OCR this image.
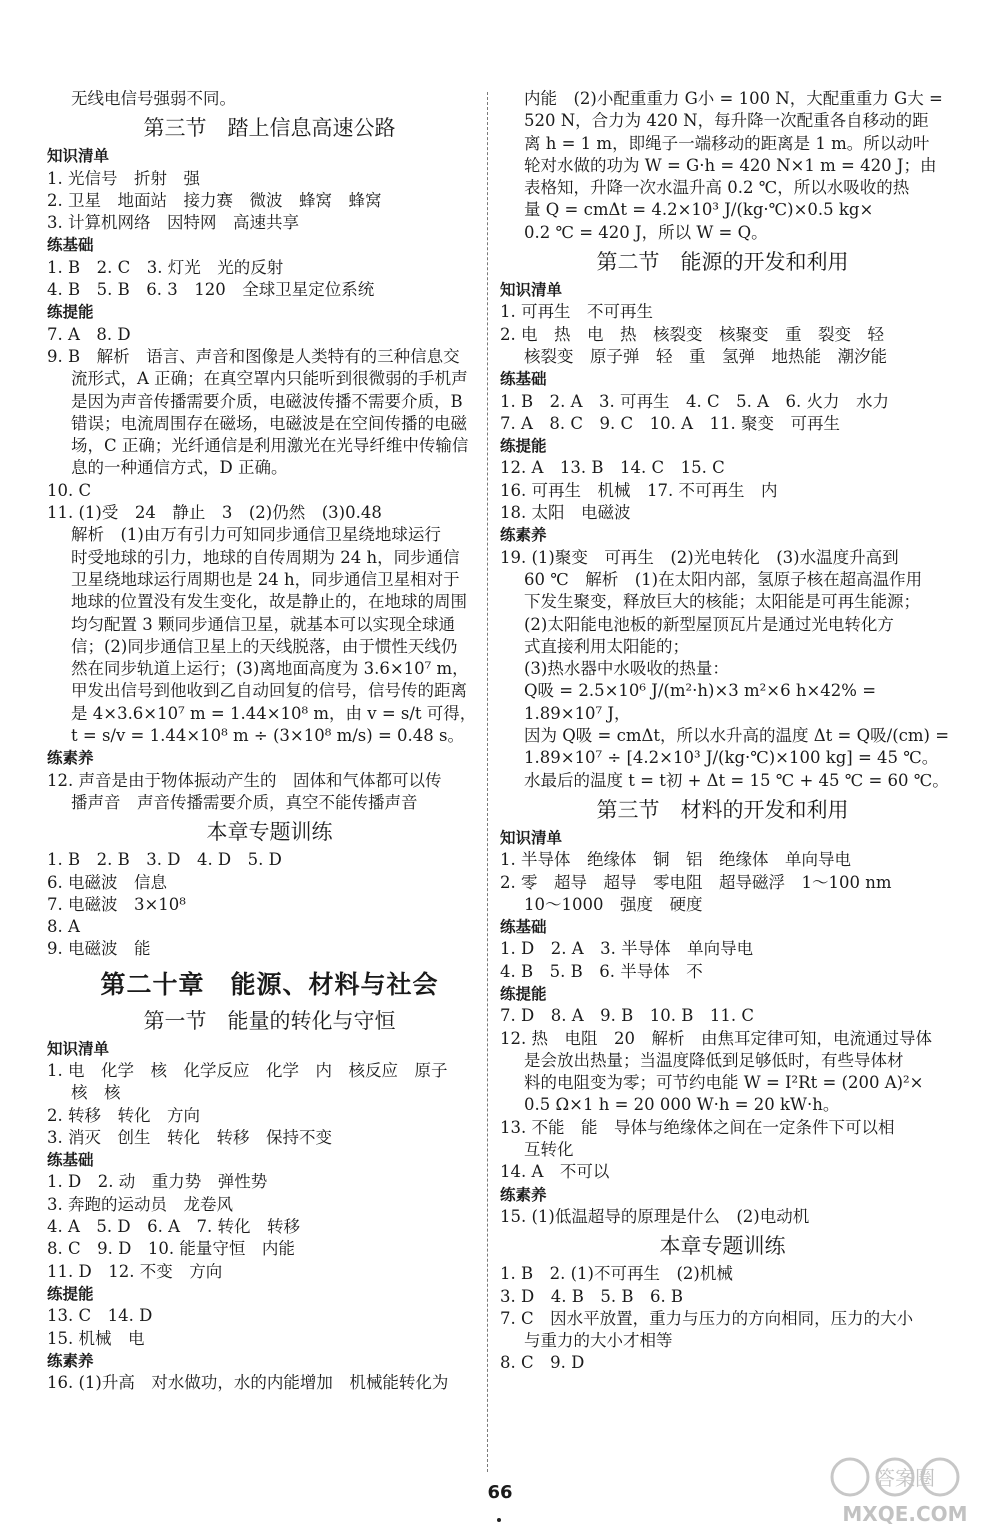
无线电信号强弱不同。
第三节　踏上信息高速公路
知识清单
1. 光信号　折射　强
2. 卫星　地面站　接力赛　微波　蜂窝　蜂窝
3. 计算机网络　因特网　高速共享
练基础
1. B　2. C　3. 灯光　光的反射
4. B　5. B　6. 3　120　全球卫星定位系统
练提能
7. A　8. D
9. B　解析　语言、声音和图像是人类特有的三种信息交
流形式，A 正确；在真空罩内只能听到很微弱的手机声
是因为声音传播需要介质，电磁波传播不需要介质，B
错误；电流周围存在磁场，电磁波是在空间传播的电磁
场，C 正确；光纤通信是利用激光在光导纤维中传输信
息的一种通信方式，D 正确。
10. C
11. (1)受　24　静止　3　(2)仍然　(3)0.48
解析　(1)由万有引力可知同步通信卫星绕地球运行
时受地球的引力，地球的自传周期为 24 h，同步通信
卫星绕地球运行周期也是 24 h，同步通信卫星相对于
地球的位置没有发生变化，故是静止的，在地球的周围
均匀配置 3 颗同步通信卫星，就基本可以实现全球通
信；(2)同步通信卫星上的天线脱落，由于惯性天线仍
然在同步轨道上运行；(3)离地面高度为 3.6×10⁷ m，
甲发出信号到他收到乙自动回复的信号，信号传的距离
是 4×3.6×10⁷ m = 1.44×10⁸ m，由 v = s/t 可得，
t = s/v = 1.44×10⁸ m ÷ (3×10⁸ m/s) = 0.48 s。
练素养
12. 声音是由于物体振动产生的　固体和气体都可以传
播声音　声音传播需要介质，真空不能传播声音
本章专题训练
1. B　2. B　3. D　4. D　5. D
6. 电磁波　信息
7. 电磁波　3×10⁸
8. A
9. 电磁波　能
第二十章　能源、材料与社会
第一节　能量的转化与守恒
知识清单
1. 电　化学　核　化学反应　化学　内　核反应　原子
核　核
2. 转移　转化　方向
3. 消灭　创生　转化　转移　保持不变
练基础
1. D　2. 动　重力势　弹性势
3. 奔跑的运动员　龙卷风
4. A　5. D　6. A　7. 转化　转移
8. C　9. D　10. 能量守恒　内能
11. D　12. 不变　方向
练提能
13. C　14. D
15. 机械　电
练素养
16. (1)升高　对水做功，水的内能增加　机械能转化为
内能　(2)小配重重力 G小 = 100 N，大配重重力 G大 =
520 N，合力为 420 N，每升降一次配重各自移动的距
离 h = 1 m，即绳子一端移动的距离是 1 m。所以动叶
轮对水做的功为 W = G·h = 420 N×1 m = 420 J；由
表格知，升降一次水温升高 0.2 ℃，所以水吸收的热
量 Q = cmΔt = 4.2×10³ J/(kg·℃)×0.5 kg×
0.2 ℃ = 420 J，所以 W = Q。
第二节　能源的开发和利用
知识清单
1. 可再生　不可再生
2. 电　热　电　热　核裂变　核聚变　重　裂变　轻
核裂变　原子弹　轻　重　氢弹　地热能　潮汐能
练基础
1. B　2. A　3. 可再生　4. C　5. A　6. 火力　水力
7. A　8. C　9. C　10. A　11. 聚变　可再生
练提能
12. A　13. B　14. C　15. C
16. 可再生　机械　17. 不可再生　内
18. 太阳　电磁波
练素养
19. (1)聚变　可再生　(2)光电转化　(3)水温度升高到
60 ℃　解析　(1)在太阳内部，氢原子核在超高温作用
下发生聚变，释放巨大的核能；太阳能是可再生能源；
(2)太阳能电池板的新型屋顶瓦片是通过光电转化方
式直接利用太阳能的；
(3)热水器中水吸收的热量：
Q吸 = 2.5×10⁶ J/(m²·h)×3 m²×6 h×42% =
1.89×10⁷ J，
因为 Q吸 = cmΔt，所以水升高的温度 Δt = Q吸/(cm) =
1.89×10⁷ ÷ [4.2×10³ J/(kg·℃)×100 kg] = 45 ℃。
水最后的温度 t = t初 + Δt = 15 ℃ + 45 ℃ = 60 ℃。
第三节　材料的开发和利用
知识清单
1. 半导体　绝缘体　铜　铝　绝缘体　单向导电
2. 零　超导　超导　零电阻　超导磁浮　1～100 nm
10～1000　强度　硬度
练基础
1. D　2. A　3. 半导体　单向导电
4. B　5. B　6. 半导体　不
练提能
7. D　8. A　9. B　10. B　11. C
12. 热　电阻　20　解析　由焦耳定律可知，电流通过导体
是会放出热量；当温度降低到足够低时，有些导体材
料的电阻变为零；可节约电能 W = I²Rt = (200 A)²×
0.5 Ω×1 h = 20 000 W·h = 20 kW·h。
13. 不能　能　导体与绝缘体之间在一定条件下可以相
互转化
14. A　不可以
练素养
15. (1)低温超导的原理是什么　(2)电动机
本章专题训练
1. B　2. (1)不可再生　(2)机械
3. D　4. B　5. B　6. B
7. C　因水平放置，重力与压力的方向相同，压力的大小
与重力的大小才相等
8. C　9. D
66
答案圈
MXQE.COM
